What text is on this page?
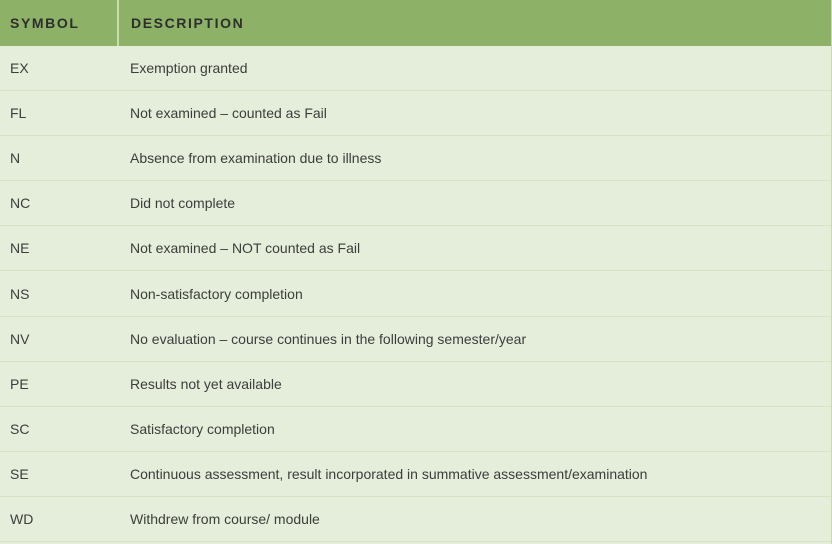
SYMBOL	DESCRIPTION
EX	Exemption granted
FL	Not examined – counted as Fail
N	Absence from examination due to illness
NC	Did not complete
NE	Not examined – NOT counted as Fail
NS	Non-satisfactory completion
NV	No evaluation – course continues in the following semester/year
PE	Results not yet available
SC	Satisfactory completion
SE	Continuous assessment, result incorporated in summative assessment/examination
WD	Withdrew from course/ module
